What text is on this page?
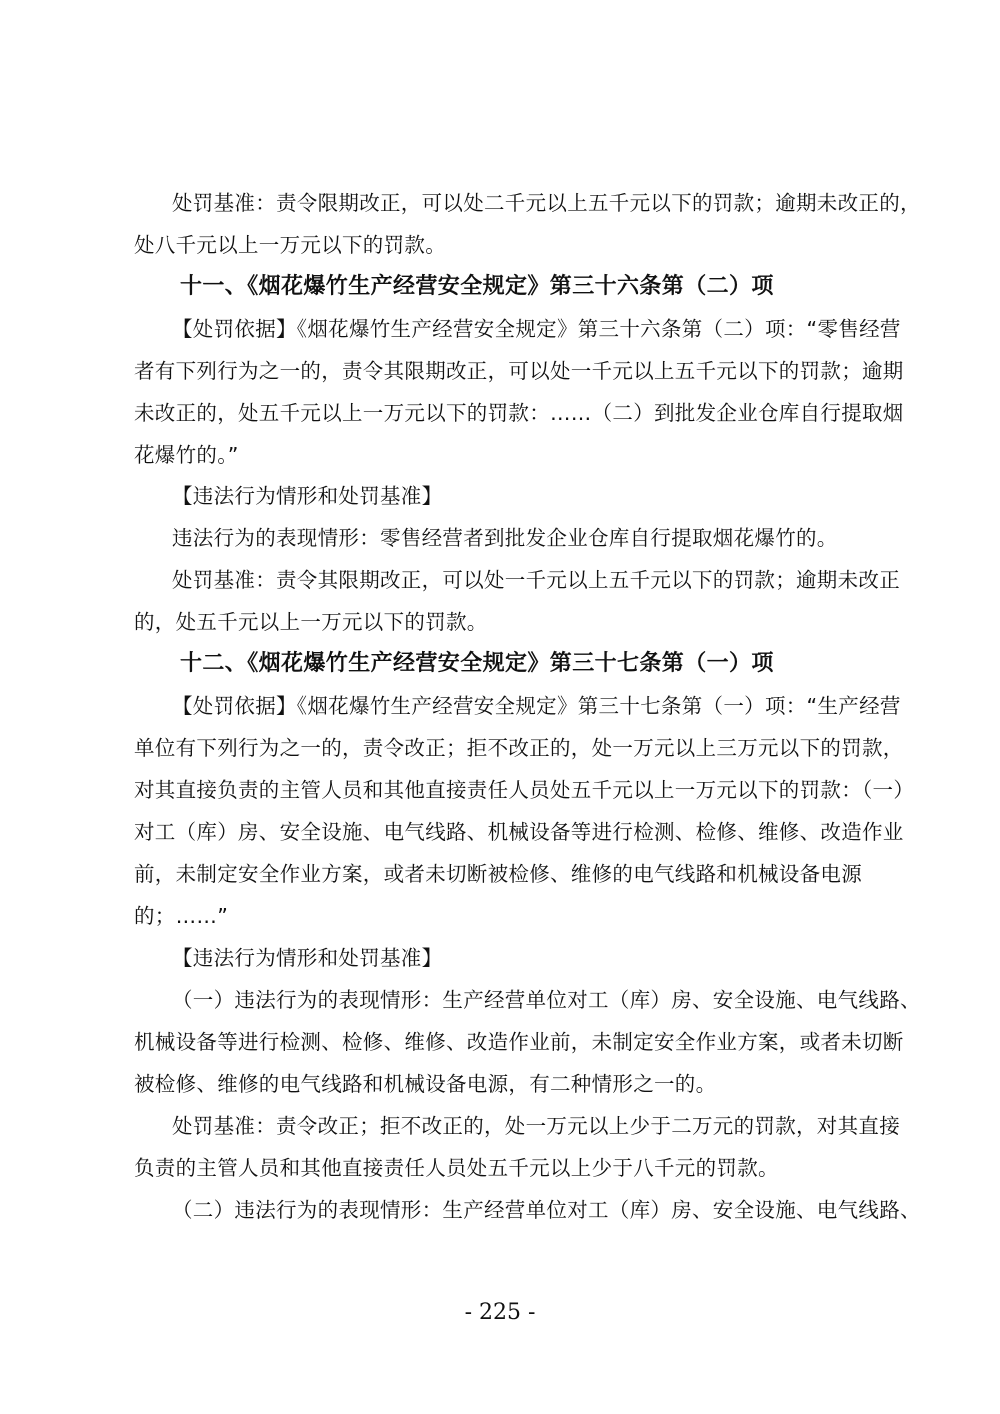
处罚基准：责令限期改正，可以处二千元以上五千元以下的罚款；逾期未改正的，
处八千元以上一万元以下的罚款。
十一、《烟花爆竹生产经营安全规定》第三十六条第（二）项
【处罚依据】《烟花爆竹生产经营安全规定》第三十六条第（二）项：“零售经营
者有下列行为之一的，责令其限期改正，可以处一千元以上五千元以下的罚款；逾期
未改正的，处五千元以上一万元以下的罚款：……（二）到批发企业仓库自行提取烟
花爆竹的。”
【违法行为情形和处罚基准】
违法行为的表现情形：零售经营者到批发企业仓库自行提取烟花爆竹的。
处罚基准：责令其限期改正，可以处一千元以上五千元以下的罚款；逾期未改正
的，处五千元以上一万元以下的罚款。
十二、《烟花爆竹生产经营安全规定》第三十七条第（一）项
【处罚依据】《烟花爆竹生产经营安全规定》第三十七条第（一）项：“生产经营
单位有下列行为之一的，责令改正；拒不改正的，处一万元以上三万元以下的罚款，
对其直接负责的主管人员和其他直接责任人员处五千元以上一万元以下的罚款：（一）
对工（库）房、安全设施、电气线路、机械设备等进行检测、检修、维修、改造作业
前，未制定安全作业方案，或者未切断被检修、维修的电气线路和机械设备电源
的；……”
【违法行为情形和处罚基准】
（一）违法行为的表现情形：生产经营单位对工（库）房、安全设施、电气线路、
机械设备等进行检测、检修、维修、改造作业前，未制定安全作业方案，或者未切断
被检修、维修的电气线路和机械设备电源，有二种情形之一的。
处罚基准：责令改正；拒不改正的，处一万元以上少于二万元的罚款，对其直接
负责的主管人员和其他直接责任人员处五千元以上少于八千元的罚款。
（二）违法行为的表现情形：生产经营单位对工（库）房、安全设施、电气线路、
- 225 -
